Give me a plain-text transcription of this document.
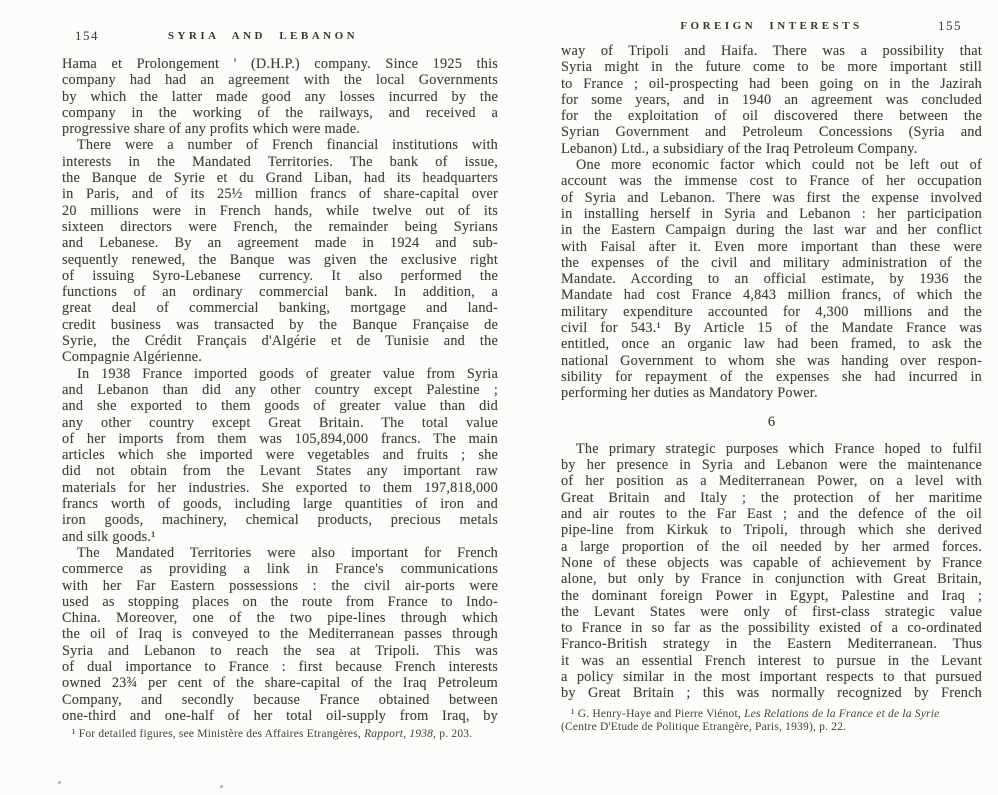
154	SYRIA AND LEBANON
Hama et Prolongement ' (D.H.P.) company. Since 1925 this
company had had an agreement with the local Governments
by which the latter made good any losses incurred by the
company in the working of the railways, and received a
progressive share of any profits which were made.
There were a number of French financial institutions with
interests in the Mandated Territories. The bank of issue,
the Banque de Syrie et du Grand Liban, had its headquarters
in Paris, and of its 25½ million francs of share-capital over
20 millions were in French hands, while twelve out of its
sixteen directors were French, the remainder being Syrians
and Lebanese. By an agreement made in 1924 and sub-
sequently renewed, the Banque was given the exclusive right
of issuing Syro-Lebanese currency. It also performed the
functions of an ordinary commercial bank. In addition, a
great deal of commercial banking, mortgage and land-
credit business was transacted by the Banque Française de
Syrie, the Crédit Français d'Algérie et de Tunisie and the
Compagnie Algérienne.
In 1938 France imported goods of greater value from Syria
and Lebanon than did any other country except Palestine ;
and she exported to them goods of greater value than did
any other country except Great Britain. The total value
of her imports from them was 105,894,000 francs. The main
articles which she imported were vegetables and fruits ; she
did not obtain from the Levant States any important raw
materials for her industries. She exported to them 197,818,000
francs worth of goods, including large quantities of iron and
iron goods, machinery, chemical products, precious metals
and silk goods.¹
The Mandated Territories were also important for French
commerce as providing a link in France's communications
with her Far Eastern possessions : the civil air-ports were
used as stopping places on the route from France to Indo-
China. Moreover, one of the two pipe-lines through which
the oil of Iraq is conveyed to the Mediterranean passes through
Syria and Lebanon to reach the sea at Tripoli. This was
of dual importance to France : first because French interests
owned 23¾ per cent of the share-capital of the Iraq Petroleum
Company, and secondly because France obtained between
one-third and one-half of her total oil-supply from Iraq, by
¹ For detailed figures, see Ministère des Affaires Etrangères, Rapport, 1938, p. 203.
FOREIGN INTERESTS	155
way of Tripoli and Haifa. There was a possibility that
Syria might in the future come to be more important still
to France ; oil-prospecting had been going on in the Jazirah
for some years, and in 1940 an agreement was concluded
for the exploitation of oil discovered there between the
Syrian Government and Petroleum Concessions (Syria and
Lebanon) Ltd., a subsidiary of the Iraq Petroleum Company.
One more economic factor which could not be left out of
account was the immense cost to France of her occupation
of Syria and Lebanon. There was first the expense involved
in installing herself in Syria and Lebanon : her participation
in the Eastern Campaign during the last war and her conflict
with Faisal after it. Even more important than these were
the expenses of the civil and military administration of the
Mandate. According to an official estimate, by 1936 the
Mandate had cost France 4,843 million francs, of which the
military expenditure accounted for 4,300 millions and the
civil for 543.¹ By Article 15 of the Mandate France was
entitled, once an organic law had been framed, to ask the
national Government to whom she was handing over respon-
sibility for repayment of the expenses she had incurred in
performing her duties as Mandatory Power.
6
The primary strategic purposes which France hoped to fulfil
by her presence in Syria and Lebanon were the maintenance
of her position as a Mediterranean Power, on a level with
Great Britain and Italy ; the protection of her maritime
and air routes to the Far East ; and the defence of the oil
pipe-line from Kirkuk to Tripoli, through which she derived
a large proportion of the oil needed by her armed forces.
None of these objects was capable of achievement by France
alone, but only by France in conjunction with Great Britain,
the dominant foreign Power in Egypt, Palestine and Iraq ;
the Levant States were only of first-class strategic value
to France in so far as the possibility existed of a co-ordinated
Franco-British strategy in the Eastern Mediterranean. Thus
it was an essential French interest to pursue in the Levant
a policy similar in the most important respects to that pursued
by Great Britain ; this was normally recognized by French
¹ G. Henry-Haye and Pierre Viénot, Les Relations de la France et de la Syrie
(Centre D'Etude de Politique Etrangère, Paris, 1939), p. 22.
